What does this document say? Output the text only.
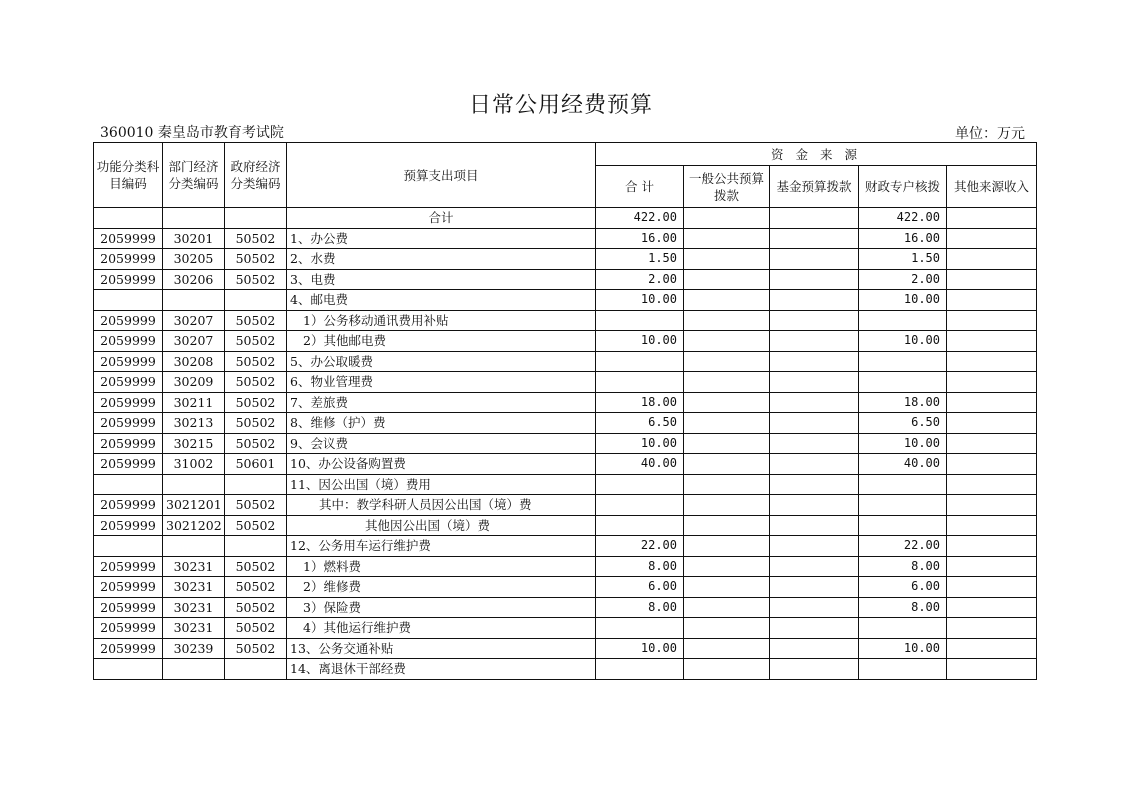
日常公用经费预算
360010 秦皇岛市教育考试院	单位：万元
功能分类科目编码	部门经济分类编码	政府经济分类编码	预算支出项目	资 金 来 源				
				合 计	一般公共预算拨款	基金预算拨款	财政专户核拨	其他来源收入
			合计	422.00			422.00	
2059999	30201	50502	1、办公费	16.00			16.00	
2059999	30205	50502	2、水费	1.50			1.50	
2059999	30206	50502	3、电费	2.00			2.00	
			4、邮电费	10.00			10.00	
2059999	30207	50502	1）公务移动通讯费用补贴					
2059999	30207	50502	2）其他邮电费	10.00			10.00	
2059999	30208	50502	5、办公取暖费					
2059999	30209	50502	6、物业管理费					
2059999	30211	50502	7、差旅费	18.00			18.00	
2059999	30213	50502	8、维修（护）费	6.50			6.50	
2059999	30215	50502	9、会议费	10.00			10.00	
2059999	31002	50601	10、办公设备购置费	40.00			40.00	
			11、因公出国（境）费用					
2059999	3021201	50502	其中：教学科研人员因公出国（境）费					
2059999	3021202	50502	其他因公出国（境）费					
			12、公务用车运行维护费	22.00			22.00	
2059999	30231	50502	1）燃料费	8.00			8.00	
2059999	30231	50502	2）维修费	6.00			6.00	
2059999	30231	50502	3）保险费	8.00			8.00	
2059999	30231	50502	4）其他运行维护费					
2059999	30239	50502	13、公务交通补贴	10.00			10.00	
			14、离退休干部经费					
